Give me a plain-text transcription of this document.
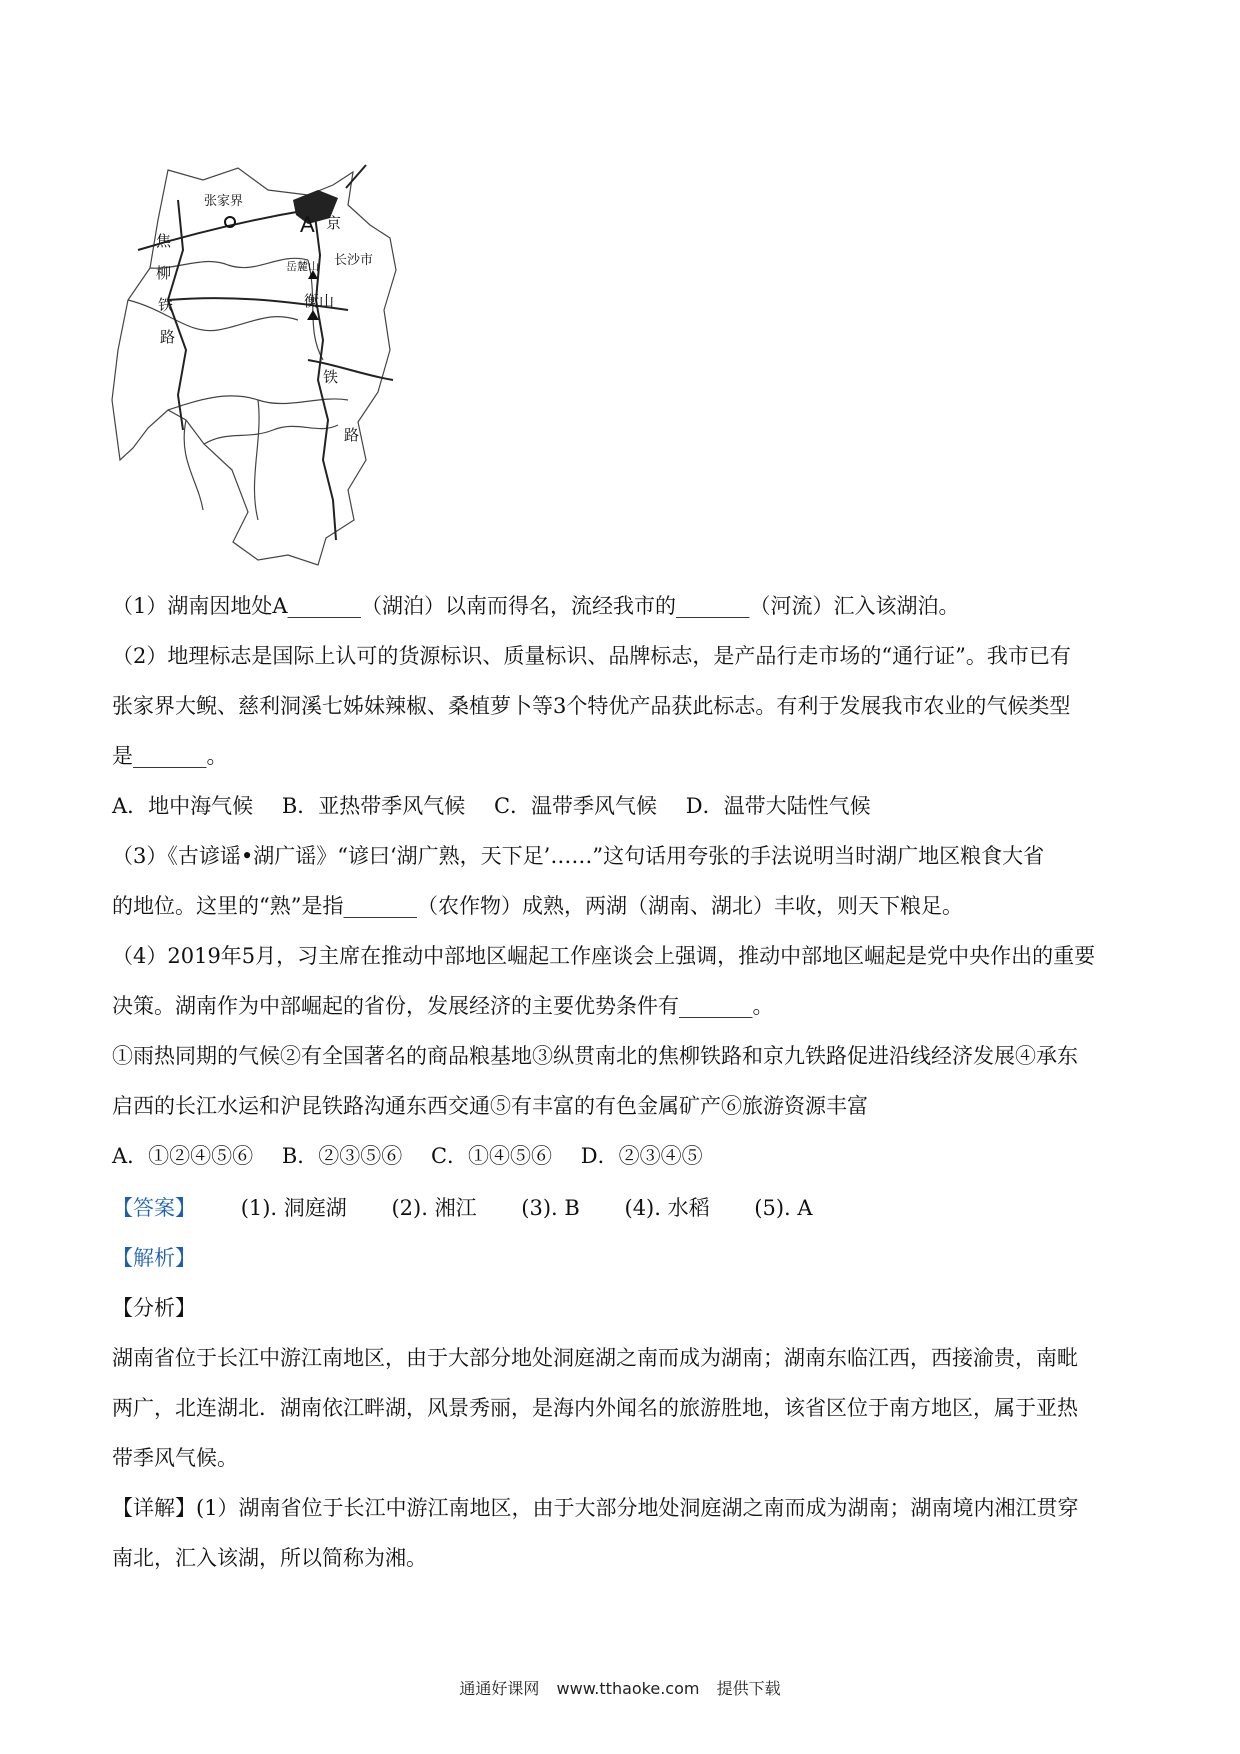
A
张家界
长沙市
岳麓山
衡山
京
焦
柳
铁
路
铁
路
（1）湖南因地处A_______（湖泊）以南而得名，流经我市的_______（河流）汇入该湖泊。
（2）地理标志是国际上认可的货源标识、质量标识、品牌标志，是产品行走市场的“通行证”。我市已有
张家界大鲵、慈利洞溪七姊妹辣椒、桑植萝卜等3个特优产品获此标志。有利于发展我市农业的气候类型
是_______。
A．地中海气候 B．亚热带季风气候 C．温带季风气候 D．温带大陆性气候
（3）《古谚谣•湖广谣》“谚曰‘湖广熟，天下足’……”这句话用夸张的手法说明当时湖广地区粮食大省
的地位。这里的“熟”是指_______（农作物）成熟，两湖（湖南、湖北）丰收，则天下粮足。
（4）2019年5月，习主席在推动中部地区崛起工作座谈会上强调，推动中部地区崛起是党中央作出的重要
决策。湖南作为中部崛起的省份，发展经济的主要优势条件有_______。
①雨热同期的气候②有全国著名的商品粮基地③纵贯南北的焦柳铁路和京九铁路促进沿线经济发展④承东
启西的长江水运和沪昆铁路沟通东西交通⑤有丰富的有色金属矿产⑥旅游资源丰富
A．①②④⑤⑥ B．②③⑤⑥ C．①④⑤⑥ D．②③④⑤
【答案】 (1). 洞庭湖 (2). 湘江 (3). B (4). 水稻 (5). A
【解析】
【分析】
湖南省位于长江中游江南地区，由于大部分地处洞庭湖之南而成为湖南；湖南东临江西，西接渝贵，南毗
两广，北连湖北．湖南依江畔湖，风景秀丽，是海内外闻名的旅游胜地，该省区位于南方地区，属于亚热
带季风气候。
【详解】(1）湖南省位于长江中游江南地区，由于大部分地处洞庭湖之南而成为湖南；湖南境内湘江贯穿
南北，汇入该湖，所以简称为湘。
通通好课网 www.tthaoke.com 提供下载
